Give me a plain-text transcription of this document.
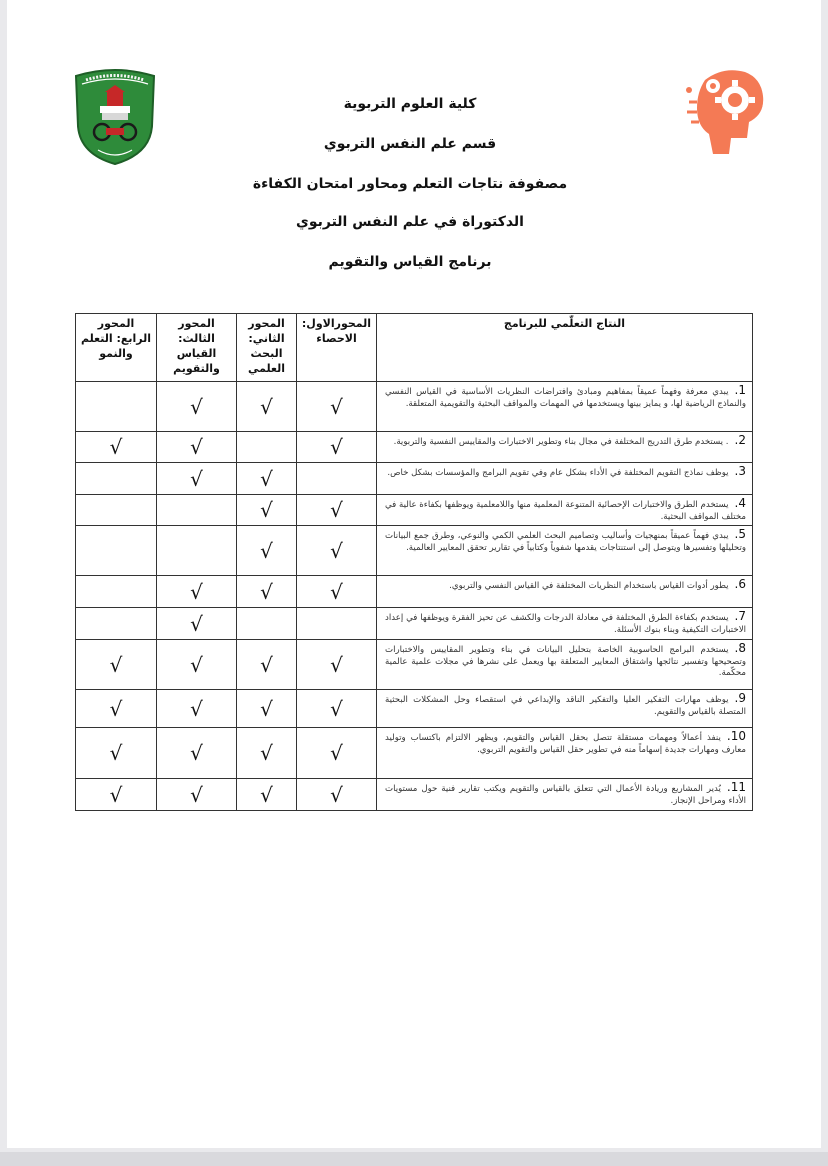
كلية العلوم التربوية
قسم علم النفس التربوي
مصفوفة نتاجات التعلم ومحاور امتحان الكفاءة
الدكتوراة في علم النفس التربوي
برنامج القياس والتقويم
النتاج التعلّمي للبرنامج	المحورالاول: الاحصاء	المحور الثاني: البحث العلمي	المحور الثالث: القياس والتقويم	المحور الرابع: التعلم والنمو
1.يبدي معرفة وفهماً عميقاً بمفاهيم ومبادئ وافتراضات النظريات الأساسية في القياس النفسي والنماذج الرياضية لها، و يمايز بينها ويستخدمها في المهمات والمواقف البحثية والتقويمية المتعلقة.	√	√	√	
2.. يستخدم طرق التدريج المختلفة في مجال بناء وتطوير الاختبارات والمقاييس النفسية والتربوية.	√		√	√
3.يوظف نماذج التقويم المختلفة في الأداء بشكل عام وفي تقويم البرامج والمؤسسات بشكل خاص.		√	√	
4.يستخدم الطرق والاختبارات الإحصائية المتنوعة المعلمية منها واللامعلمية ويوظفها بكفاءة عالية في مختلف المواقف البحثية.	√	√		
5.يبدي فهماً عميقاً بمنهجيات وأساليب وتصاميم البحث العلمي الكمي والنوعي، وطرق جمع البيانات وتحليلها وتفسيرها ويتوصل إلى استنتاجات يقدمها شفوياً وكتابياً في تقارير تحقق المعايير العالمية.	√	√		
6.يطور أدوات القياس باستخدام النظريات المختلفة في القياس النفسي والتربوي.	√	√	√	
7.يستخدم بكفاءة الطرق المختلفة في معادلة الدرجات والكشف عن تحيز الفقرة ويوظفها في إعداد الاختبارات التكيفية وبناء بنوك الأسئلة.			√	
8.يستخدم البرامج الحاسوبية الخاصة بتحليل البيانات في بناء وتطوير المقاييس والاختبارات وتصحيحها وتفسير نتائجها واشتقاق المعايير المتعلقة بها ويعمل على نشرها في مجلات علمية عالمية محكّمة.	√	√	√	√
9.يوظف مهارات التفكير العليا والتفكير الناقد والإبداعي في استقصاء وحل المشكلات البحثية المتصلة بالقياس والتقويم.	√	√	√	√
10.ينفذ أعمالاً ومهمات مستقلة تتصل بحقل القياس والتقويم، ويظهر الالتزام باكتساب وتوليد معارف ومهارات جديدة إسهاماً منه في تطوير حقل القياس والتقويم التربوي.	√	√	√	√
11.يُدير المشاريع وريادة الأعمال التي تتعلق بالقياس والتقويم ويكتب تقارير فنية حول مستويات الأداء ومراحل الإنجاز.	√	√	√	√
